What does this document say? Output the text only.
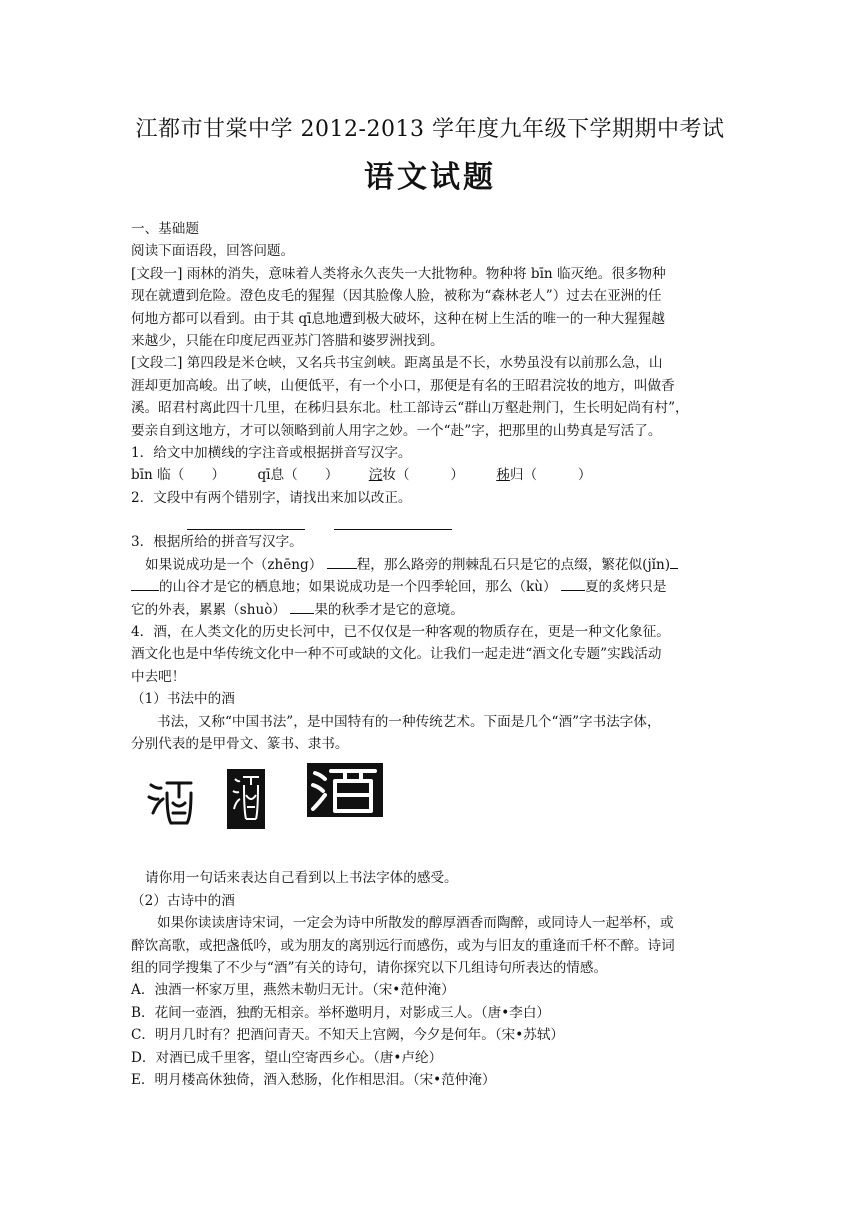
江都市甘棠中学 2012-2013 学年度九年级下学期期中考试
语文试题
一、基础题
阅读下面语段，回答问题。
[文段一] 雨林的消失，意味着人类将永久丧失一大批物种。物种将 bīn 临灭绝。很多物种
现在就遭到危险。澄色皮毛的猩猩（因其脸像人脸，被称为“森林老人”）过去在亚洲的任
何地方都可以看到。由于其 qī息地遭到极大破坏，这种在树上生活的唯一的一种大猩猩越
来越少，只能在印度尼西亚苏门答腊和婆罗洲找到。
[文段二] 第四段是米仓峡，又名兵书宝剑峡。距离虽是不长，水势虽没有以前那么急，山
涯却更加高峻。出了峡，山便低平，有一个小口，那便是有名的王昭君浣妆的地方，叫做香
溪。昭君村离此四十几里，在秭归县东北。杜工部诗云“群山万壑赴荆门，生长明妃尚有村”，
要亲自到这地方，才可以领略到前人用字之妙。一个“赴”字，把那里的山势真是写活了。
1．给文中加横线的字注音或根据拼音写汉字。
bīn 临（　　） qī息（　　） 浣妆（　　　） 秭归（　　　）
2．文段中有两个错别字，请找出来加以改正。
3．根据所给的拼音写汉字。
如果说成功是一个（zhēng）	程，那么路旁的荆棘乱石只是它的点缀，繁花似(jǐn)
的山谷才是它的栖息地；如果说成功是一个四季轮回，那么（kù） 夏的炙烤只是
它的外表，累累（shuò） 果的秋季才是它的意境。
4．酒，在人类文化的历史长河中，已不仅仅是一种客观的物质存在，更是一种文化象征。
酒文化也是中华传统文化中一种不可或缺的文化。让我们一起走进“酒文化专题”实践活动
中去吧！
（1）书法中的酒
书法，又称“中国书法”，是中国特有的一种传统艺术。下面是几个“酒”字书法字体，
分别代表的是甲骨文、篆书、隶书。
请你用一句话来表达自己看到以上书法字体的感受。
（2）古诗中的酒
如果你读读唐诗宋词，一定会为诗中所散发的醇厚酒香而陶醉，或同诗人一起举杯，或
醉饮高歌，或把盏低吟，或为朋友的离别远行而感伤，或为与旧友的重逢而千杯不醉。诗词
组的同学搜集了不少与“酒”有关的诗句，请你探究以下几组诗句所表达的情感。
A．浊酒一杯家万里，燕然未勒归无计。（宋•范仲淹）
B．花间一壶酒，独酌无相亲。举杯邀明月，对影成三人。（唐•李白）
C．明月几时有？把酒问青天。不知天上宫阙，今夕是何年。（宋•苏轼）
D．对酒已成千里客，望山空寄西乡心。（唐•卢纶）
E．明月楼高休独倚，酒入愁肠，化作相思泪。（宋•范仲淹）
